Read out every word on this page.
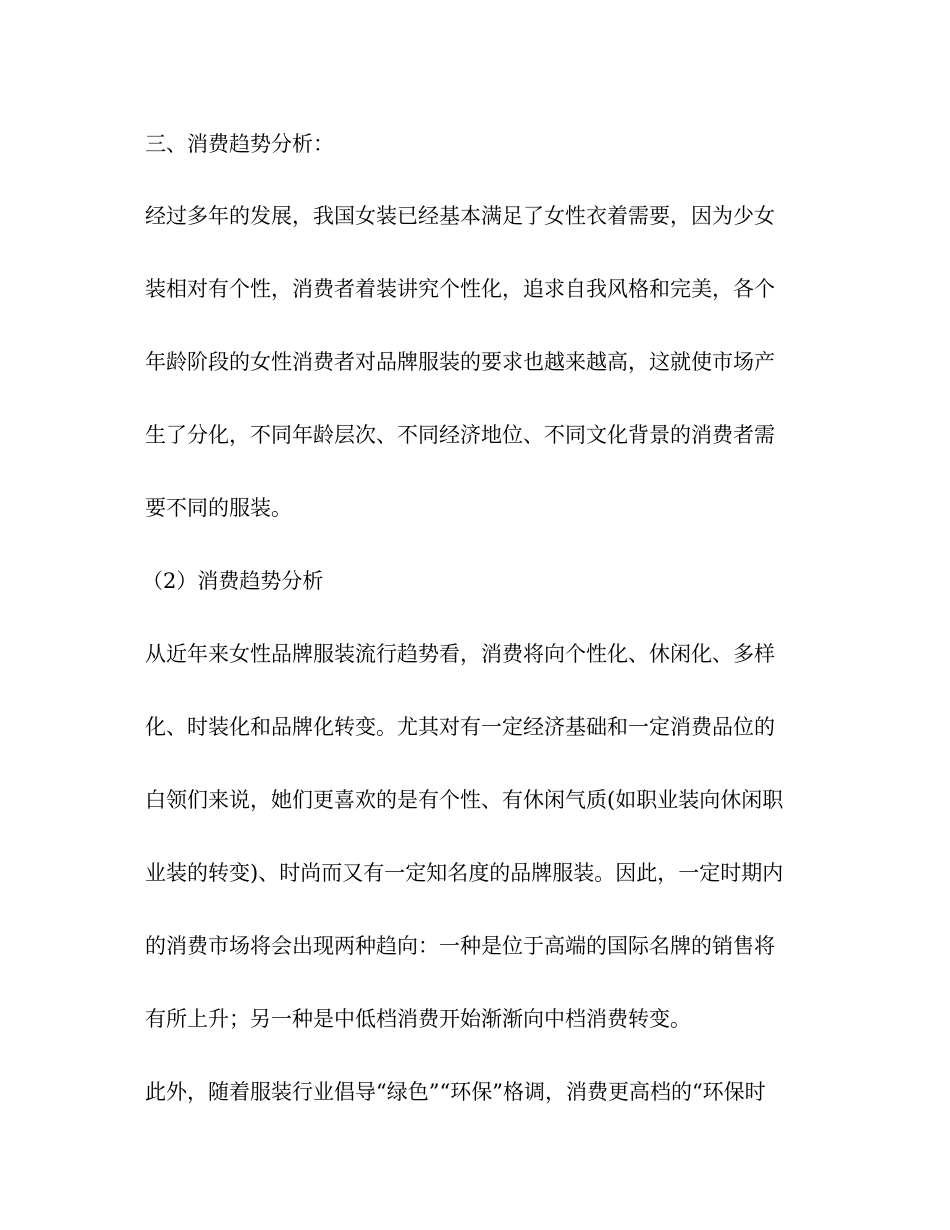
三、消费趋势分析：

经过多年的发展，我国女装已经基本满足了女性衣着需要，因为少女

装相对有个性，消费者着装讲究个性化，追求自我风格和完美，各个

年龄阶段的女性消费者对品牌服装的要求也越来越高，这就使市场产

生了分化，不同年龄层次、不同经济地位、不同文化背景的消费者需

要不同的服装。

（2）消费趋势分析

从近年来女性品牌服装流行趋势看，消费将向个性化、休闲化、多样

化、时装化和品牌化转变。尤其对有一定经济基础和一定消费品位的

白领们来说，她们更喜欢的是有个性、有休闲气质(如职业装向休闲职

业装的转变)、时尚而又有一定知名度的品牌服装。因此，一定时期内

的消费市场将会出现两种趋向：一种是位于高端的国际名牌的销售将

有所上升；另一种是中低档消费开始渐渐向中档消费转变。

此外，随着服装行业倡导“绿色”“环保”格调，消费更高档的“环保时
